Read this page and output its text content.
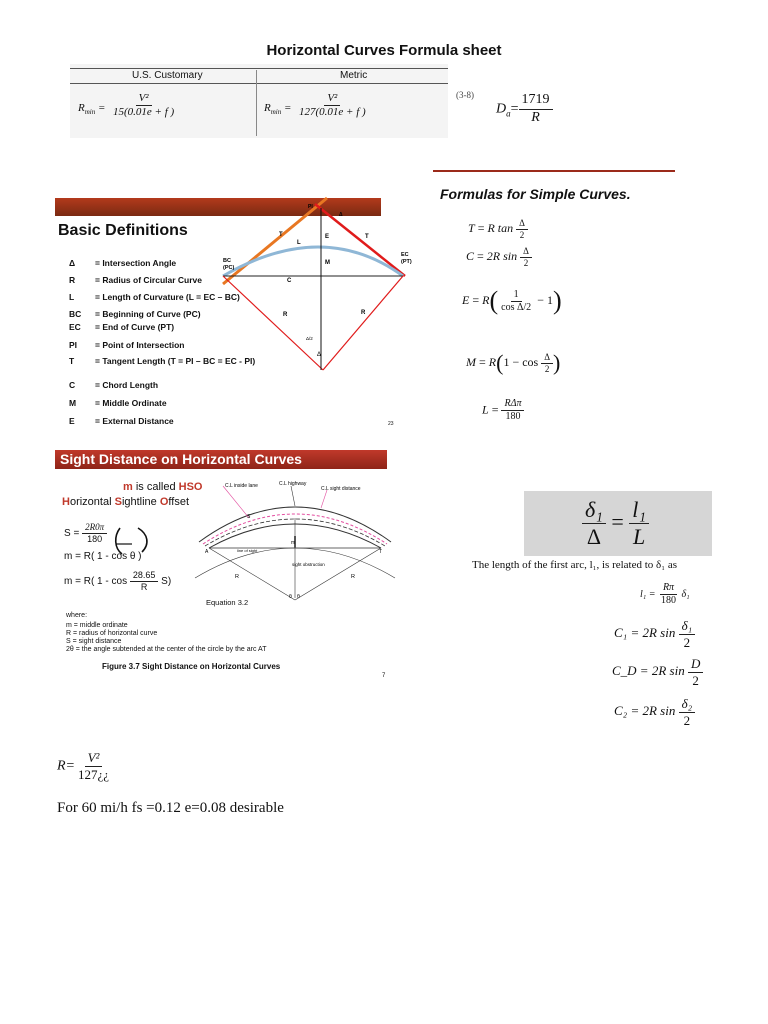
Horizontal Curves Formula sheet
U.S. Customary	Metric
$R_{min} = \frac{\text{V²}}{15(0.01e + f )}$	$R_{min} = \frac{\text{V²}}{127(0.01e + f )}$	(3-8)
$D_a= \frac{1719}{R}$
Formulas for Simple Curves.
Basic Definitions
Δ = Intersection Angle
R = Radius of Circular Curve
L = Length of Curvature (L = EC – BC)
BC = Beginning of Curve (PC)
EC = End of Curve (PT)
PI = Point of Intersection
T = Tangent Length (T = PI – BC = EC - PI)
C = Chord Length
M = Middle Ordinate
E = External Distance	23
PI
Δ
T	T
E
L
BC
(PC)
EC
(PT)
M
C
R	R
Δ/2
Δ
T = R $\tan \frac{\Delta}{2}$
C = 2R $\sin \frac{\Delta}{2}$
$E = R( \frac{1}{\text{cos Δ/2}} - 1)$
$M = R(1 - \cos \frac{\Delta}{2}$ )
$L = \frac{\text{RΔπ}}{180}$
Sight Distance on Horizontal Curves
m is called HSO
Horizontal Sightline Offset
$S = \frac{2R0\pi}{180}$
m = R( 1 - cos θ )
m = R( $1 - \cos \frac{28.65}{R} S$)
where:
m = middle ordinate
R = radius of horizontal curve
S = sight distance
2θ = the angle subtended at the center of the circle by the arc AT
Equation 3.2
Figure 3.7 Sight Distance on Horizontal Curves
7
C.L inside lane	C.L highway
C.L sight distance
line of sight
sight obstruction
A	T
m
R	R
θ θ
S	$\frac{\text{δ₁}}{\Delta} = \frac{\text{l₁}}{L}$
The length of the first arc, l₁, is related to δ₁ as
$l_1 = \frac{R\pi}{180} \delta_1$
C₁ = 2R $\sin \frac{\text{δ₁}}{2}$
C_D = 2R $\sin \frac{D}{2}$
C₂ = 2R $\sin \frac{\text{δ₂}}{2}$
$R= \frac{\text{V²}}{127¿¿}$
For 60 mi/h fs =0.12 e=0.08 desirable
